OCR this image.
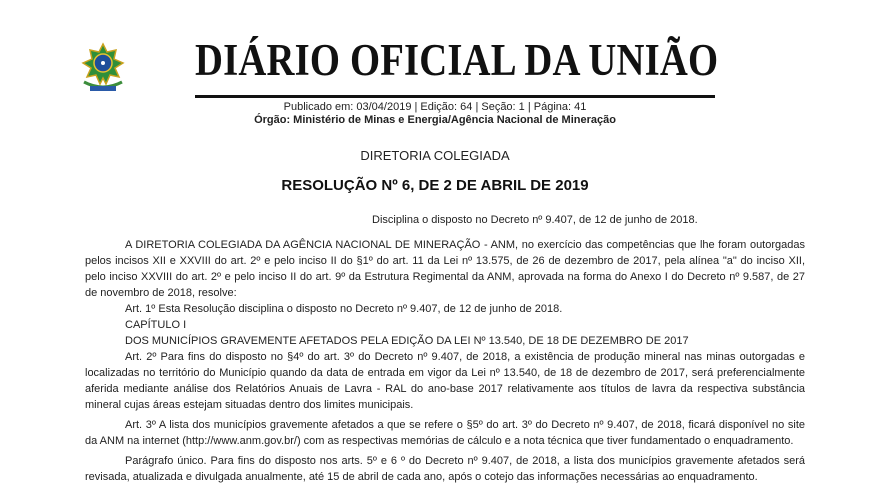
DIÁRIO OFICIAL DA UNIÃO
Publicado em: 03/04/2019 | Edição: 64 | Seção: 1 | Página: 41
Órgão: Ministério de Minas e Energia/Agência Nacional de Mineração
DIRETORIA COLEGIADA
RESOLUÇÃO Nº 6, DE 2 DE ABRIL DE 2019
Disciplina o disposto no Decreto nº 9.407, de 12 de junho de 2018.

A DIRETORIA COLEGIADA DA AGÊNCIA NACIONAL DE MINERAÇÃO - ANM, no exercício das competências que lhe foram outorgadas pelos incisos XII e XXVIII do art. 2º e pelo inciso II do §1º do art. 11 da Lei nº 13.575, de 26 de dezembro de 2017, pela alínea "a" do inciso XII, pelo inciso XXVIII do art. 2º e pelo inciso II do art. 9º da Estrutura Regimental da ANM, aprovada na forma do Anexo I do Decreto nº 9.587, de 27 de novembro de 2018, resolve:

Art. 1º Esta Resolução disciplina o disposto no Decreto nº 9.407, de 12 de junho de 2018.

CAPÍTULO I

DOS MUNICÍPIOS GRAVEMENTE AFETADOS PELA EDIÇÃO DA LEI Nº 13.540, DE 18 DE DEZEMBRO DE 2017

Art. 2º Para fins do disposto no §4º do art. 3º do Decreto nº 9.407, de 2018, a existência de produção mineral nas minas outorgadas e localizadas no território do Município quando da data de entrada em vigor da Lei nº 13.540, de 18 de dezembro de 2017, será preferencialmente aferida mediante análise dos Relatórios Anuais de Lavra - RAL do ano-base 2017 relativamente aos títulos de lavra da respectiva substância mineral cujas áreas estejam situadas dentro dos limites municipais.

Art. 3º A lista dos municípios gravemente afetados a que se refere o §5º do art. 3º do Decreto nº 9.407, de 2018, ficará disponível no site da ANM na internet (http://www.anm.gov.br/) com as respectivas memórias de cálculo e a nota técnica que tiver fundamentado o enquadramento.

Parágrafo único. Para fins do disposto nos arts. 5º e 6 º do Decreto nº 9.407, de 2018, a lista dos municípios gravemente afetados será revisada, atualizada e divulgada anualmente, até 15 de abril de cada ano, após o cotejo das informações necessárias ao enquadramento.
